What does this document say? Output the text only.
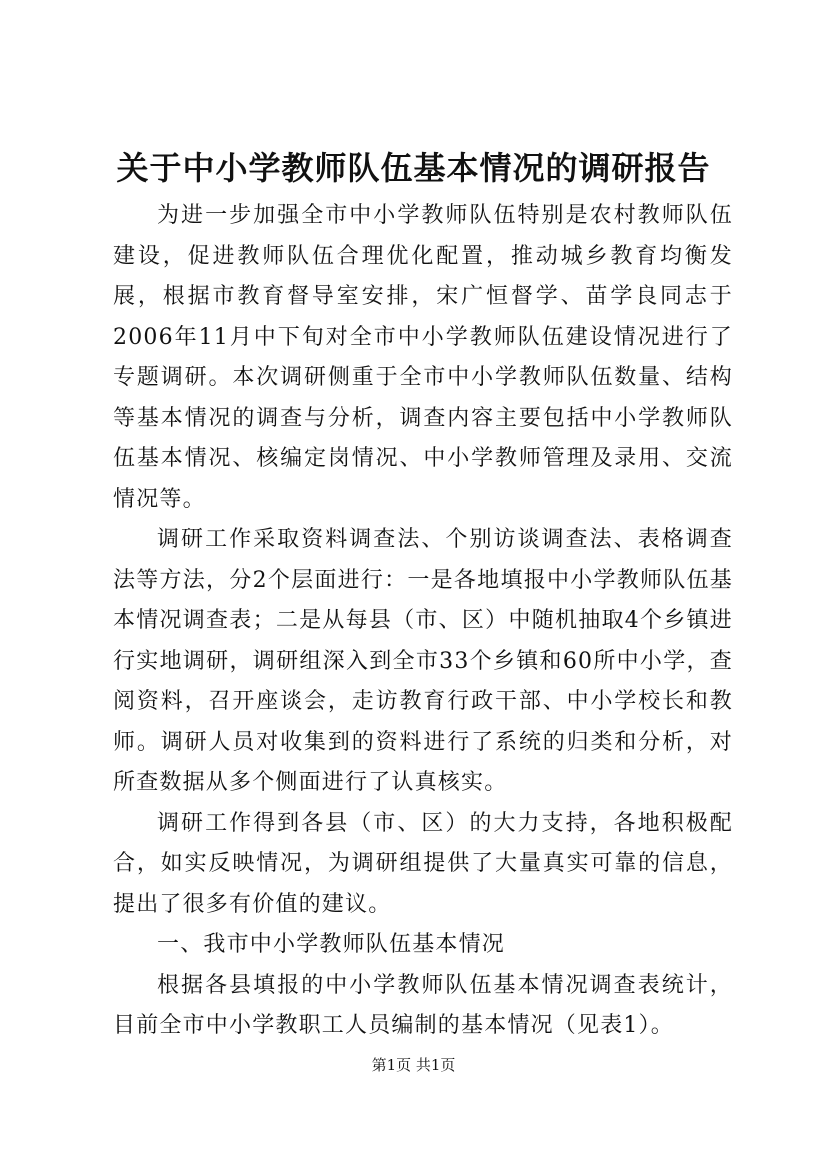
关于中小学教师队伍基本情况的调研报告

为进一步加强全市中小学教师队伍特别是农村教师队伍建设，促进教师队伍合理优化配置，推动城乡教育均衡发展，根据市教育督导室安排，宋广恒督学、苗学良同志于2006年11月中下旬对全市中小学教师队伍建设情况进行了专题调研。本次调研侧重于全市中小学教师队伍数量、结构等基本情况的调查与分析，调查内容主要包括中小学教师队伍基本情况、核编定岗情况、中小学教师管理及录用、交流情况等。

调研工作采取资料调查法、个别访谈调查法、表格调查法等方法，分2个层面进行：一是各地填报中小学教师队伍基本情况调查表；二是从每县（市、区）中随机抽取4个乡镇进行实地调研，调研组深入到全市33个乡镇和60所中小学，查阅资料，召开座谈会，走访教育行政干部、中小学校长和教师。调研人员对收集到的资料进行了系统的归类和分析，对所查数据从多个侧面进行了认真核实。

调研工作得到各县（市、区）的大力支持，各地积极配合，如实反映情况，为调研组提供了大量真实可靠的信息，提出了很多有价值的建议。

一、我市中小学教师队伍基本情况

根据各县填报的中小学教师队伍基本情况调查表统计，目前全市中小学教职工人员编制的基本情况（见表1）。

第1页 共1页
